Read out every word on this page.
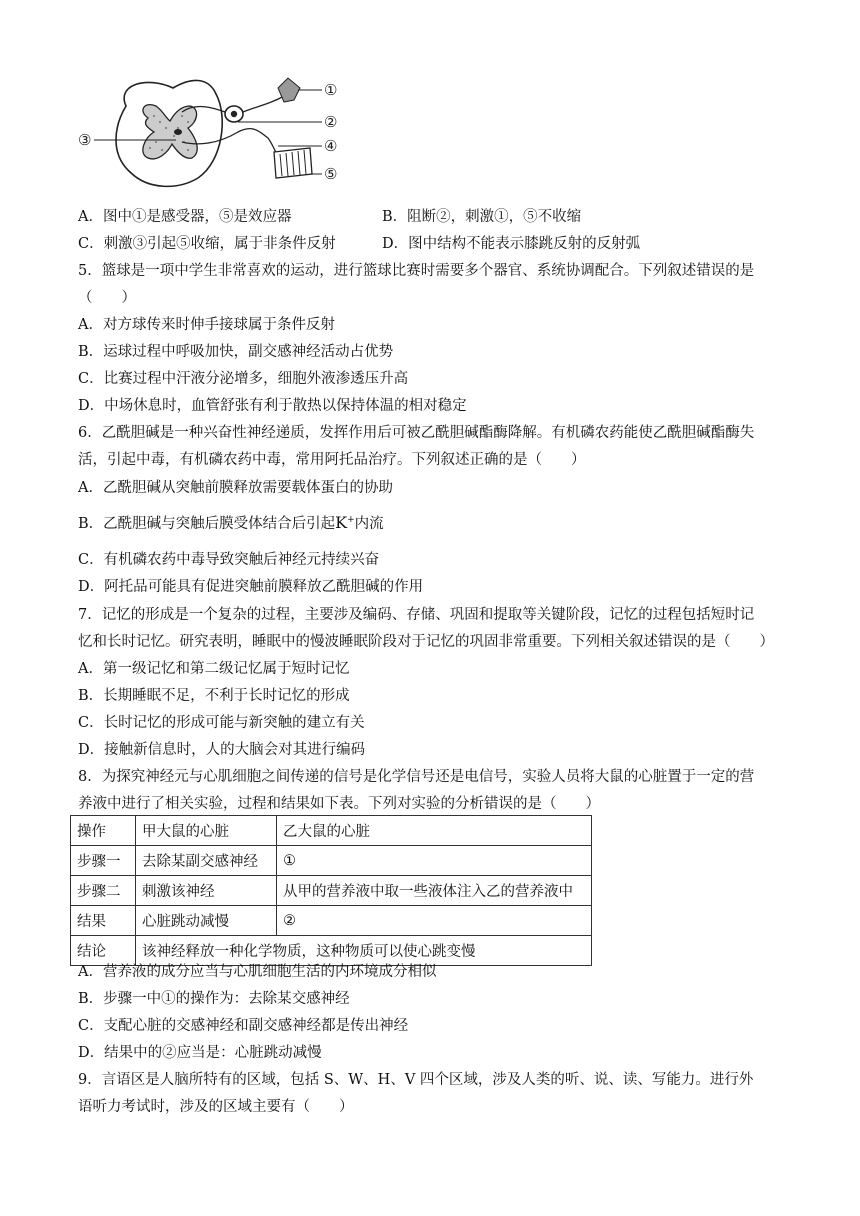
①
②
③	④
⑤
A．图中①是感受器，⑤是效应器	B．阻断②，刺激①，⑤不收缩
C．刺激③引起⑤收缩，属于非条件反射	D．图中结构不能表示膝跳反射的反射弧
5．篮球是一项中学生非常喜欢的运动，进行篮球比赛时需要多个器官、系统协调配合。下列叙述错误的是
（　　）
A．对方球传来时伸手接球属于条件反射
B．运球过程中呼吸加快，副交感神经活动占优势
C．比赛过程中汗液分泌增多，细胞外液渗透压升高
D．中场休息时，血管舒张有利于散热以保持体温的相对稳定
6．乙酰胆碱是一种兴奋性神经递质，发挥作用后可被乙酰胆碱酯酶降解。有机磷农药能使乙酰胆碱酯酶失
活，引起中毒，有机磷农药中毒，常用阿托品治疗。下列叙述正确的是（　　）
A．乙酰胆碱从突触前膜释放需要载体蛋白的协助
B．乙酰胆碱与突触后膜受体结合后引起K+内流
C．有机磷农药中毒导致突触后神经元持续兴奋
D．阿托品可能具有促进突触前膜释放乙酰胆碱的作用
7．记忆的形成是一个复杂的过程，主要涉及编码、存储、巩固和提取等关键阶段，记忆的过程包括短时记
忆和长时记忆。研究表明，睡眠中的慢波睡眠阶段对于记忆的巩固非常重要。下列相关叙述错误的是（　　）
A．第一级记忆和第二级记忆属于短时记忆
B．长期睡眠不足，不利于长时记忆的形成
C．长时记忆的形成可能与新突触的建立有关
D．接触新信息时，人的大脑会对其进行编码
8．为探究神经元与心肌细胞之间传递的信号是化学信号还是电信号，实验人员将大鼠的心脏置于一定的营
养液中进行了相关实验，过程和结果如下表。下列对实验的分析错误的是（　　）
操作	甲大鼠的心脏	乙大鼠的心脏
步骤一	去除某副交感神经	①
步骤二	刺激该神经	从甲的营养液中取一些液体注入乙的营养液中
结果	心脏跳动减慢	②
结论	该神经释放一种化学物质，这种物质可以使心跳变慢	
A．营养液的成分应当与心肌细胞生活的内环境成分相似
B．步骤一中①的操作为：去除某交感神经
C．支配心脏的交感神经和副交感神经都是传出神经
D．结果中的②应当是：心脏跳动减慢
9．言语区是人脑所特有的区域，包括 S、W、H、V 四个区域，涉及人类的听、说、读、写能力。进行外
语听力考试时，涉及的区域主要有（　　）
